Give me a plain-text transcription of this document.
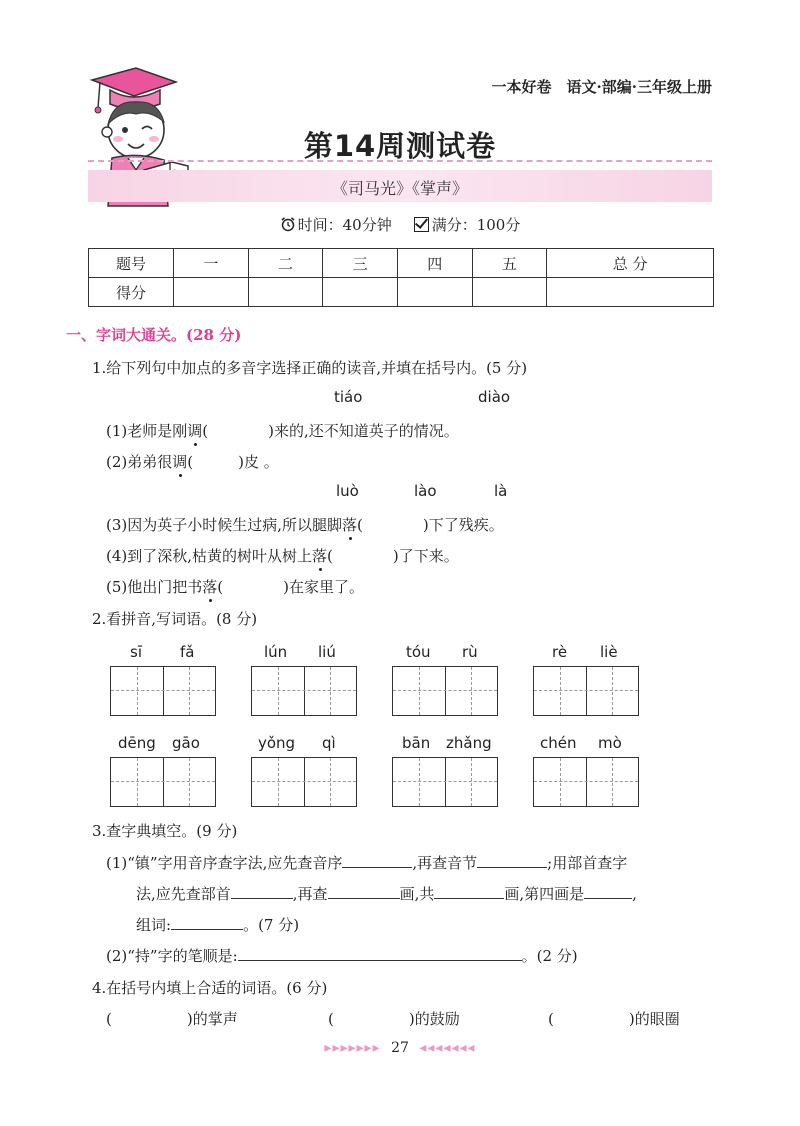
一本好卷　语文·部编·三年级上册
第14周测试卷
《司马光》《掌声》
时间：40分钟	满分：100分
题号	一	二	三	四	五	总 分
得分						
一、字词大通关。(28 分)
1.给下列句中加点的多音字选择正确的读音,并填在括号内。(5 分)
tiáo	diào
(1)老师是刚调(　　　　)来的,还不知道英子的情况。
(2)弟弟很调(　　　)皮 。
luò	lào	là
(3)因为英子小时候生过病,所以腿脚落(　　　　)下了残疾。
(4)到了深秋,枯黄的树叶从树上落(　　　　)了下来。
(5)他出门把书落(　　　　)在家里了。
2.看拼音,写词语。(8 分)
sī	fǎ	lún liú	tóu rù	rè liè
dēng gāo	yǒng qì	bān zhǎng	chén mò
3.查字典填空。(9 分)
(1)“镇”字用音序查字法,应先查音序	,再查音节	;用部首查字
法,应先查部首	,再查	画,共	画,第四画是	,
组词:	。(7 分)
(2)“持”字的笔顺是:	。(2 分)
4.在括号内填上合适的词语。(6 分)
(　　　　　)的掌声	(　　　　　)的鼓励	(　　　　　)的眼圈
▸▸▸▸▸▸▸ 27 ◂◂◂◂◂◂◂
